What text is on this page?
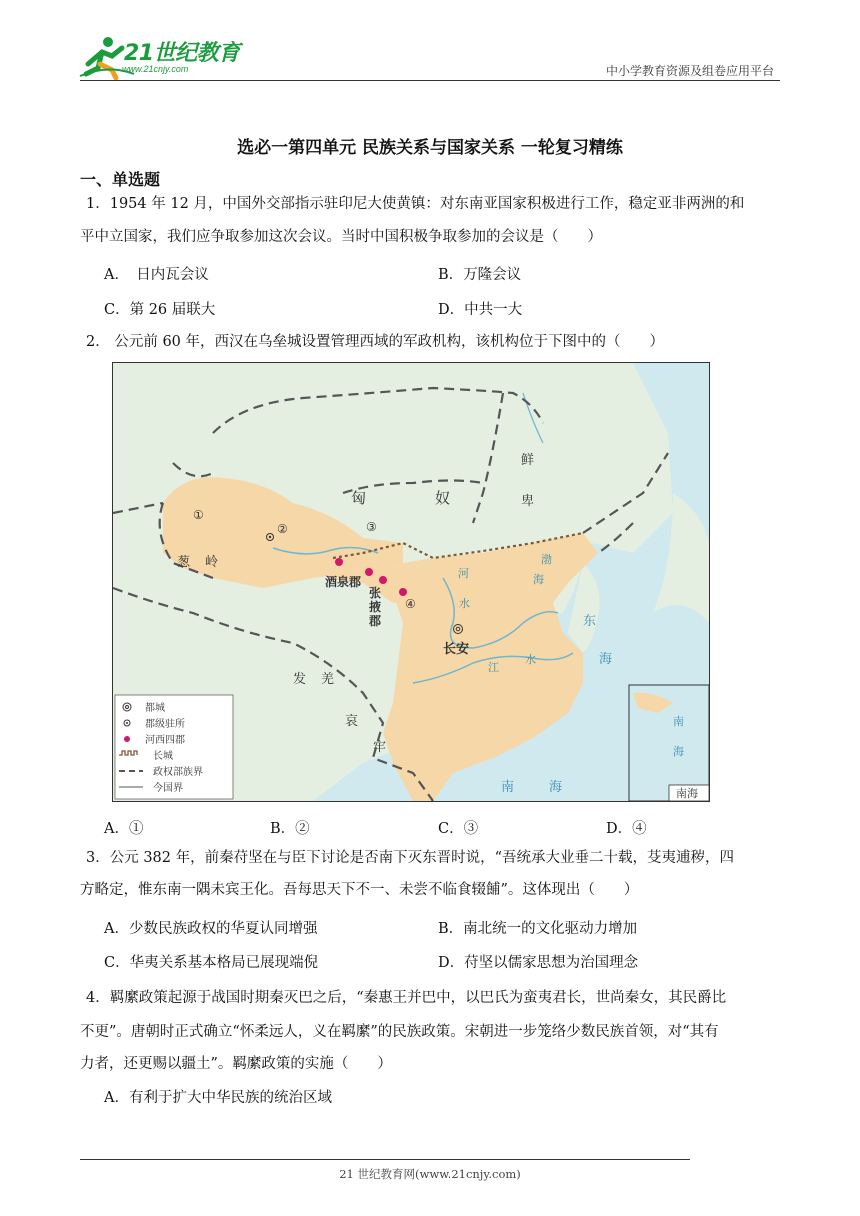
21世纪教育
www.21cnjy.com	中小学教育资源及组卷应用平台
选必一第四单元 民族关系与国家关系 一轮复习精练
一、单选题
1．1954 年 12 月，中国外交部指示驻印尼大使黄镇：对东南亚国家积极进行工作，稳定亚非两洲的和
平中立国家，我们应争取参加这次会议。当时中国积极争取参加的会议是（　　）
A．　日内瓦会议	B．万隆会议
C．第 26 届联大	D．中共一大
2． 公元前 60 年，西汉在乌垒城设置管理西域的军政机构，该机构位于下图中的（　　）
匈	奴
鲜
卑
葱 岭
酒泉郡
张
掖
郡
长安
河
水
江
水
发 羌
哀
牢
渤
海
东
海
南	海
南
海
南海
①
②	③
④
都城
郡级驻所
河西四郡
长城
政权部族界
今国界
A．①	B．②	C．③	D．④
3．公元 382 年，前秦苻坚在与臣下讨论是否南下灭东晋时说，“吾统承大业垂二十载，芟夷逋秽，四
方略定，惟东南一隅未宾王化。吾每思天下不一、未尝不临食辍餔”。这体现出（　　）
A．少数民族政权的华夏认同增强	B．南北统一的文化驱动力增加
C．华夷关系基本格局已展现端倪	D．苻坚以儒家思想为治国理念
4．羁縻政策起源于战国时期秦灭巴之后，“秦惠王并巴中，以巴氏为蛮夷君长，世尚秦女，其民爵比
不更”。唐朝时正式确立“怀柔远人，义在羁縻”的民族政策。宋朝进一步笼络少数民族首领，对“其有
力者，还更赐以疆土”。羁縻政策的实施（　　）
A．有利于扩大中华民族的统治区域
21 世纪教育网(www.21cnjy.com)
